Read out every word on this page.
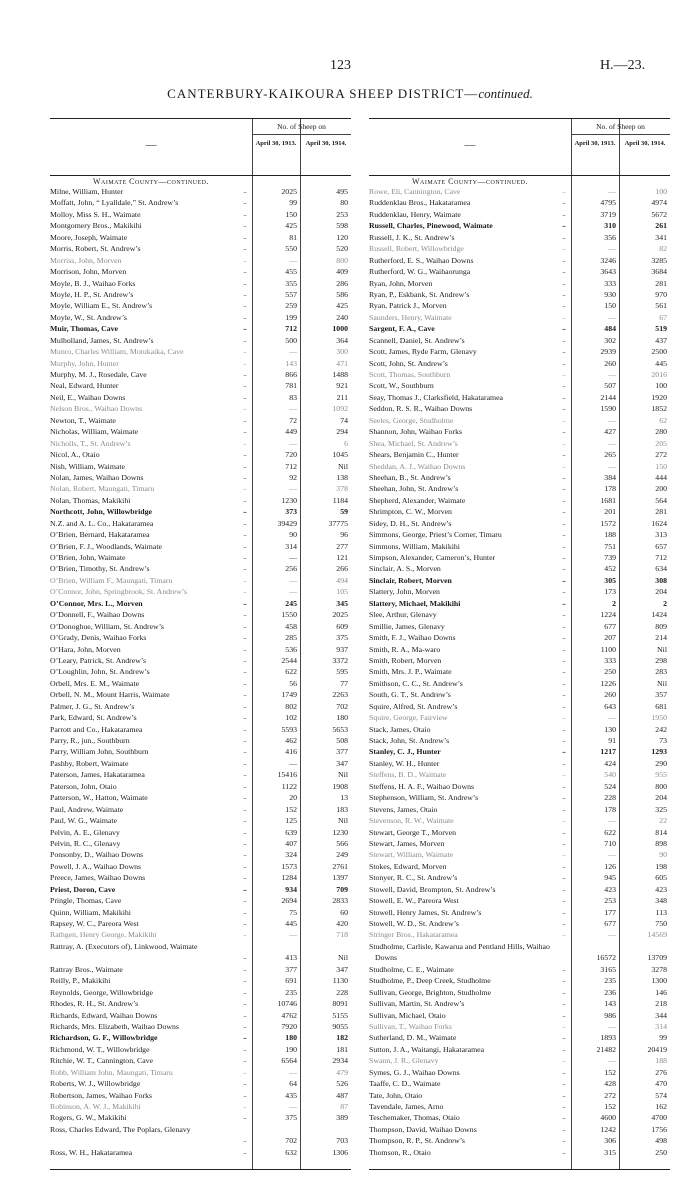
123	H.—23.
CANTERBURY-KAIKOURA SHEEP DISTRICT—continued.
—
No. of Sheep on
April 30, 1913.	April 30, 1914.
Waimate County—continued.
Milne, William, Hunter	..	2025	495
Moffatt, John, “ Lyalldale,” St. Andrew’s	..	99	80
Molloy, Miss S. H., Waimate	..	150	253
Montgomery Bros., Makikihi	..	425	598
Moore, Joseph, Waimate	..	81	120
Morris, Robert, St. Andrew’s	..	550	520
Morriss, John, Morven	..	—	800
Morrison, John, Morven	..	455	409
Moyle, B. J., Waihao Forks	..	355	286
Moyle, H. P., St. Andrew’s	..	557	586
Moyle, William E., St. Andrew’s	..	259	425
Moyle, W., St. Andrew’s	..	199	240
Muir, Thomas, Cave	..	712	1000
Mulholland, James, St. Andrew’s	..	500	364
Munro, Charles William, Motukaika, Cave	..	—	300
Murphy, John, Hunter	..	143	471
Murphy, M. J., Rosedale, Cave	..	866	1488
Neal, Edward, Hunter	..	781	921
Neil, E., Waihao Downs	..	83	211
Nelson Bros., Waihao Downs	..	—	1092
Newton, T., Waimate	..	72	74
Nicholas, William, Waimate	..	449	294
Nicholls, T., St. Andrew’s	..	—	6
Nicol, A., Otaio	..	720	1045
Nish, William, Waimate	..	712	Nil
Nolan, James, Waihao Downs	..	92	138
Nolan, Robert, Maungati, Timaru	..	—	378
Nolan, Thomas, Makikihi	..	1230	1184
Northcott, John, Willowbridge	..	373	59
N.Z. and A. L. Co., Hakataramea	..	39429	37775
O’Brien, Bernard, Hakataramea	..	90	96
O’Brien, F. J., Woodlands, Waimate	..	314	277
O’Brien, John, Waimate	..	—	121
O’Brien, Timothy, St. Andrew’s	..	256	266
O’Brien, William F., Maungati, Timaru	..	—	494
O’Connor, John, Springbrook, St. Andrew’s	..	—	105
O’Connor, Mrs. L., Morven	..	245	345
O’Donnell, F., Waihao Downs	..	1550	2025
O’Donoghue, William, St. Andrew’s	..	458	609
O’Grady, Denis, Waihao Forks	..	285	375
O’Hara, John, Morven	..	536	937
O’Leary, Patrick, St. Andrew’s	..	2544	3372
O’Loughlin, John, St. Andrew’s	..	622	595
Orbell, Mrs. E. M., Waimate	..	56	77
Orbell, N. M., Mount Harris, Waimate	..	1749	2263
Palmer, J. G., St. Andrew’s	..	802	702
Park, Edward, St. Andrew’s	..	102	180
Parrott and Co., Hakataramea	..	5593	5653
Parry, R., jun., Southburn	..	462	508
Parry, William John, Southburn	..	416	377
Pashby, Robert, Waimate	..	—	347
Paterson, James, Hakataramea	..	15416	Nil
Paterson, John, Otaio	..	1122	1908
Patterson, W., Hatton, Waimate	..	20	13
Paul, Andrew, Waimate	..	152	183
Paul, W. G., Waimate	..	125	Nil
Pelvin, A. E., Glenavy	..	639	1230
Pelvin, R. C., Glenavy	..	407	566
Ponsonby, D., Waihao Downs	..	324	249
Powell, J. A., Waihao Downs	..	1573	2761
Preece, James, Waihao Downs	..	1284	1397
Priest, Doron, Cave	..	934	709
Pringle, Thomas, Cave	..	2694	2833
Quinn, William, Makikihi	..	75	60
Rapsey, W. C., Pareora West	..	445	420
Rathgen, Henry George, Makikihi	..	—	718
Rattray, A. (Executors of), Linkwood, Waimate
..	413	Nil
Rattray Bros., Waimate	..	377	347
Reilly, P., Makikihi	..	691	1130
Reynolds, George, Willowbridge	..	235	228
Rhodes, R. H., St. Andrew’s	..	10746	8091
Richards, Edward, Waihao Downs	..	4762	5155
Richards, Mrs. Elizabeth, Waihao Downs	..	7920	9055
Richardson, G. F., Willowbridge	..	180	182
Richmond, W. T., Willowbridge	..	190	181
Ritchie, W. T., Cannington, Cave	..	6564	2934
Robb, William John, Maungati, Timaru	..	—	479
Roberts, W. J., Willowbridge	..	64	526
Robertson, James, Waihao Forks	..	435	487
Robinson, A. W. J., Makikihi	..	—	87
Rogers, G. W., Makikihi	..	375	389
Ross, Charles Edward, The Poplars, Glenavy
..	702	703
Ross, W. H., Hakataramea	..	632	1306
—
No. of Sheep on
April 30, 1913.	April 30, 1914.
Waimate County—continued.
Rowe, Eli, Cannington, Cave	..	—	100
Ruddenklau Bros., Hakataramea	..	4795	4974
Ruddenklau, Henry, Waimate	..	3719	5672
Russell, Charles, Pinewood, Waimate	..	310	261
Russell, J. K., St. Andrew’s	..	356	341
Russell, Robert, Willowbridge	..	—	82
Rutherford, E. S., Waihao Downs	..	3246	3285
Rutherford, W. G., Waihaorunga	..	3643	3684
Ryan, John, Morven	..	333	281
Ryan, P., Eskbank, St. Andrew’s	..	930	970
Ryan, Patrick J., Morven	..	150	561
Saunders, Henry, Waimate	..	—	67
Sargent, F. A., Cave	..	484	519
Scannell, Daniel, St. Andrew’s	..	302	437
Scott, James, Ryde Farm, Glenavy	..	2939	2500
Scott, John, St. Andrew’s	..	260	445
Scott, Thomas, Southburn	..	—	2016
Scott, W., Southburn	..	507	100
Seay, Thomas J., Clarksfield, Hakataramea	..	2144	1920
Seddon, R. S. R., Waihao Downs	..	1590	1852
Seeles, George, Studholme	..	—	62
Shannon, John, Waihao Forks	..	427	280
Shea, Michael, St. Andrew’s	..	—	205
Shears, Benjamin C., Hunter	..	265	272
Sheddan, A. J., Waihao Downs	..	—	150
Sheehan, B., St. Andrew’s	..	384	444
Sheehan, John, St. Andrew’s	..	178	200
Shepherd, Alexander, Waimate	..	1681	564
Shrimpton, C. W., Morven	..	201	281
Sidey, D. H., St. Andrew’s	..	1572	1624
Simmons, George, Priest’s Corner, Timaru	..	188	313
Simmons, William, Makikihi	..	751	657
Simpson, Alexander, Cameron’s, Hunter	..	739	712
Sinclair, A. S., Morven	..	452	634
Sinclair, Robert, Morven	..	305	308
Slattery, John, Morven	..	173	204
Slattery, Michael, Makikihi	..	2	2
Slee, Arthur, Glenavy	..	1224	1424
Smillie, James, Glenavy	..	677	809
Smith, F. J., Waihao Downs	..	207	214
Smith, R. A., Ma-waro	..	1100	Nil
Smith, Robert, Morven	..	333	298
Smith, Mrs. J. P., Waimate	..	250	283
Smithson, C. C., St. Andrew’s	..	1226	Nil
South, G. T., St. Andrew’s	..	260	357
Squire, Alfred, St. Andrew’s	..	643	681
Squire, George, Fairview	..	—	1950
Stack, James, Otaio	..	130	242
Stack, John, St. Andrew’s	..	91	73
Stanley, C. J., Hunter	..	1217	1293
Stanley, W. H., Hunter	..	424	290
Steffens, B. D., Waimate	..	540	955
Steffens, H. A. F., Waihao Downs	..	524	800
Stephenson, William, St. Andrew’s	..	228	204
Stevens, James, Otaio	..	178	325
Stevenson, R. W., Waimate	..	—	22
Stewart, George T., Morven	..	622	814
Stewart, James, Morven	..	710	898
Stewart, William, Waimate	..	—	90
Stokes, Edward, Morven	..	126	198
Stonyer, R. C., St. Andrew’s	..	945	605
Stowell, David, Brompton, St. Andrew’s	..	423	423
Stowell, E. W., Pareora West	..	253	348
Stowell, Henry James, St. Andrew’s	..	177	113
Stowell, W. D., St. Andrew’s	..	677	750
Stringer Bros., Hakataramea	..	—	14569
Studholme, Carlisle, Kawarua and Pentland Hills, Waihao Downs	16572	13709
Studholme, C. E., Waimate	..	3165	3278
Studholme, P., Deep Creek, Studholme	..	235	1300
Sullivan, George, Brighton, Studholme	..	236	146
Sullivan, Martin, St. Andrew’s	..	143	218
Sullivan, Michael, Otaio	..	986	344
Sullivan, T., Waihao Forks	..	—	314
Sutherland, D. M., Waimate	..	1893	99
Sutton, J. A., Waitangi, Hakataramea	..	21482	20419
Swann, J. R., Glenavy	..	—	188
Symes, G. J., Waihao Downs	..	152	276
Taaffe, C. D., Waimate	..	428	470
Tate, John, Otaio	..	272	574
Tavendale, James, Arno	..	152	162
Teschemaker, Thomas, Otaio	..	4600	4700
Thompson, David, Waihao Downs	..	1242	1756
Thompson, R. P., St. Andrew’s	..	306	498
Thomson, R., Otaio	..	315	250
